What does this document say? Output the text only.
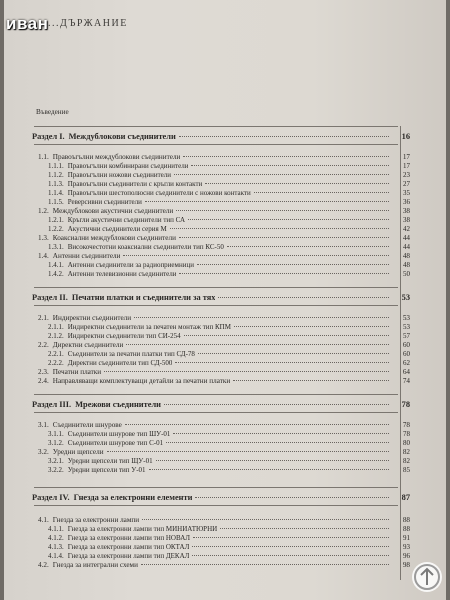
...ДЪРЖАНИЕ
Въведение
Раздел I. Междублокови съединители	16
1.1. Правоъгълни междублокови съединители	17
1.1.1. Правоъгълни комбинирани съединители	17
1.1.2. Правоъгълни ножови съединители	23
1.1.3. Правоъгълни съединители с кръгли контакти	27
1.1.4. Правоъгълни шестополюсни съединители с ножови контакти	35
1.1.5. Реверсивни съединители	36
1.2. Междублокови акустични съединители	38
1.2.1. Кръгли акустични съединители тип СА	38
1.2.2. Акустични съединители серия М	42
1.3. Коаксиални междублокови съединители	44
1.3.1. Високочестотни коаксиални съединители тип КС-50	44
1.4. Антенни съединители	48
1.4.1. Антенни съединители за радиоприемници	48
1.4.2. Антенни телевизионни съединители	50
Раздел II. Печатни платки и съединители за тях	53
2.1. Индиректни съединители	53
2.1.1. Индиректни съединители за печатен монтаж тип КПМ	53
2.1.2. Индиректни съединители тип СИ-254	57
2.2. Директни съединители	60
2.2.1. Съединители за печатни платки тип СД-78	60
2.2.2. Директни съединители тип СД-500	62
2.3. Печатни платки	64
2.4. Направляващи комплектуващи детайли за печатни платки	74
Раздел III. Мрежови съединители	78
3.1. Съединители шнурове	78
3.1.1. Съединители шнурове тип ШУ-01	78
3.1.2. Съединители шнурове тип С-01	80
3.2. Уредни щепсели	82
3.2.1. Уредни щепсели тип ЩУ-01	82
3.2.2. Уредни щепсели тип У-01	85
Раздел IV. Гнезда за електронни елементи	87
4.1. Гнезда за електронни лампи	88
4.1.1. Гнезда за електронни лампи тип МИНИАТЮРНИ	88
4.1.2. Гнезда за електронни лампи тип НОВАЛ	91
4.1.3. Гнезда за електронни лампи тип ОКТАЛ	93
4.1.4. Гнезда за електронни лампи тип ДЕКАЛ	96
4.2. Гнезда за интегрални схеми	98
иван
